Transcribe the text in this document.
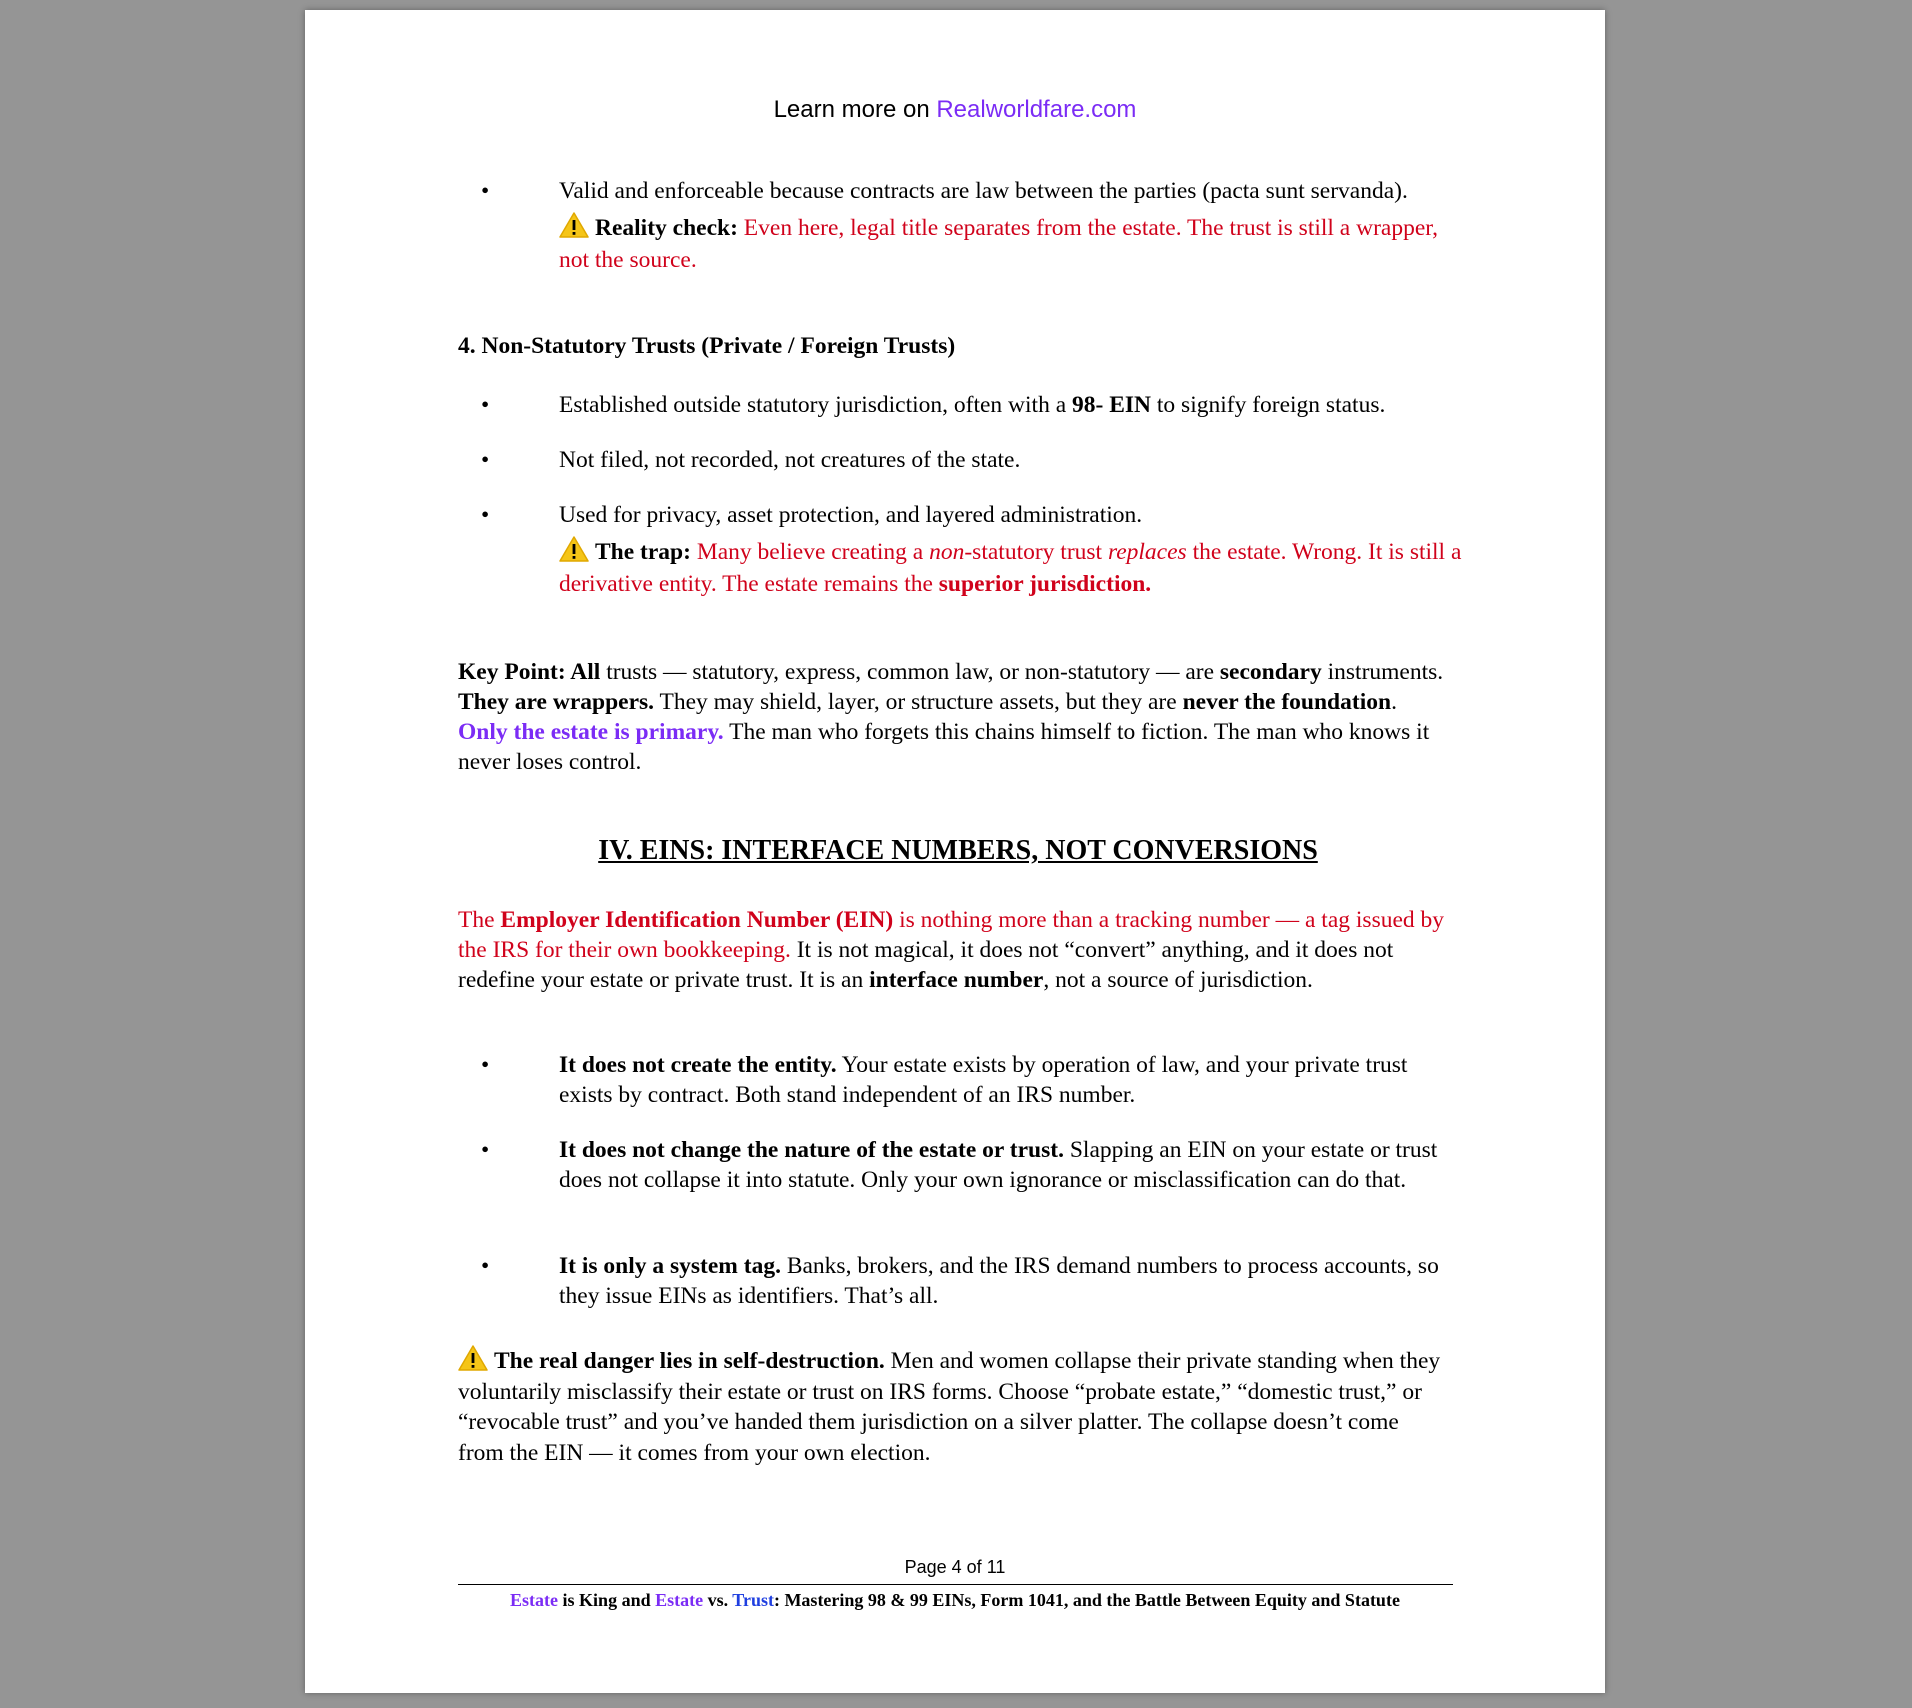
Learn more on Realworldfare.com
•	Valid and enforceable because contracts are law between the parties (pacta sunt servanda).
Reality check: Even here, legal title separates from the estate. The trust is still a wrapper, not the source.
4. Non-Statutory Trusts (Private / Foreign Trusts)
•	Established outside statutory jurisdiction, often with a 98- EIN to signify foreign status.
•	Not filed, not recorded, not creatures of the state.
•	Used for privacy, asset protection, and layered administration.
The trap: Many believe creating a non-statutory trust replaces the estate. Wrong. It is still a derivative entity. The estate remains the superior jurisdiction.
Key Point: All trusts — statutory, express, common law, or non-statutory — are secondary instruments. They are wrappers. They may shield, layer, or structure assets, but they are never the foundation. Only the estate is primary. The man who forgets this chains himself to fiction. The man who knows it never loses control.
IV. EINS: INTERFACE NUMBERS, NOT CONVERSIONS
The Employer Identification Number (EIN) is nothing more than a tracking number — a tag issued by the IRS for their own bookkeeping. It is not magical, it does not “convert” anything, and it does not redefine your estate or private trust. It is an interface number, not a source of jurisdiction.
•	It does not create the entity. Your estate exists by operation of law, and your private trust exists by contract. Both stand independent of an IRS number.
•	It does not change the nature of the estate or trust. Slapping an EIN on your estate or trust does not collapse it into statute. Only your own ignorance or misclassification can do that.
•	It is only a system tag. Banks, brokers, and the IRS demand numbers to process accounts, so they issue EINs as identifiers. That’s all.
The real danger lies in self-destruction. Men and women collapse their private standing when they voluntarily misclassify their estate or trust on IRS forms. Choose “probate estate,” “domestic trust,” or “revocable trust” and you’ve handed them jurisdiction on a silver platter. The collapse doesn’t come from the EIN — it comes from your own election.
Page 4 of 11
Estate is King and Estate vs. Trust: Mastering 98 & 99 EINs, Form 1041, and the Battle Between Equity and Statute
